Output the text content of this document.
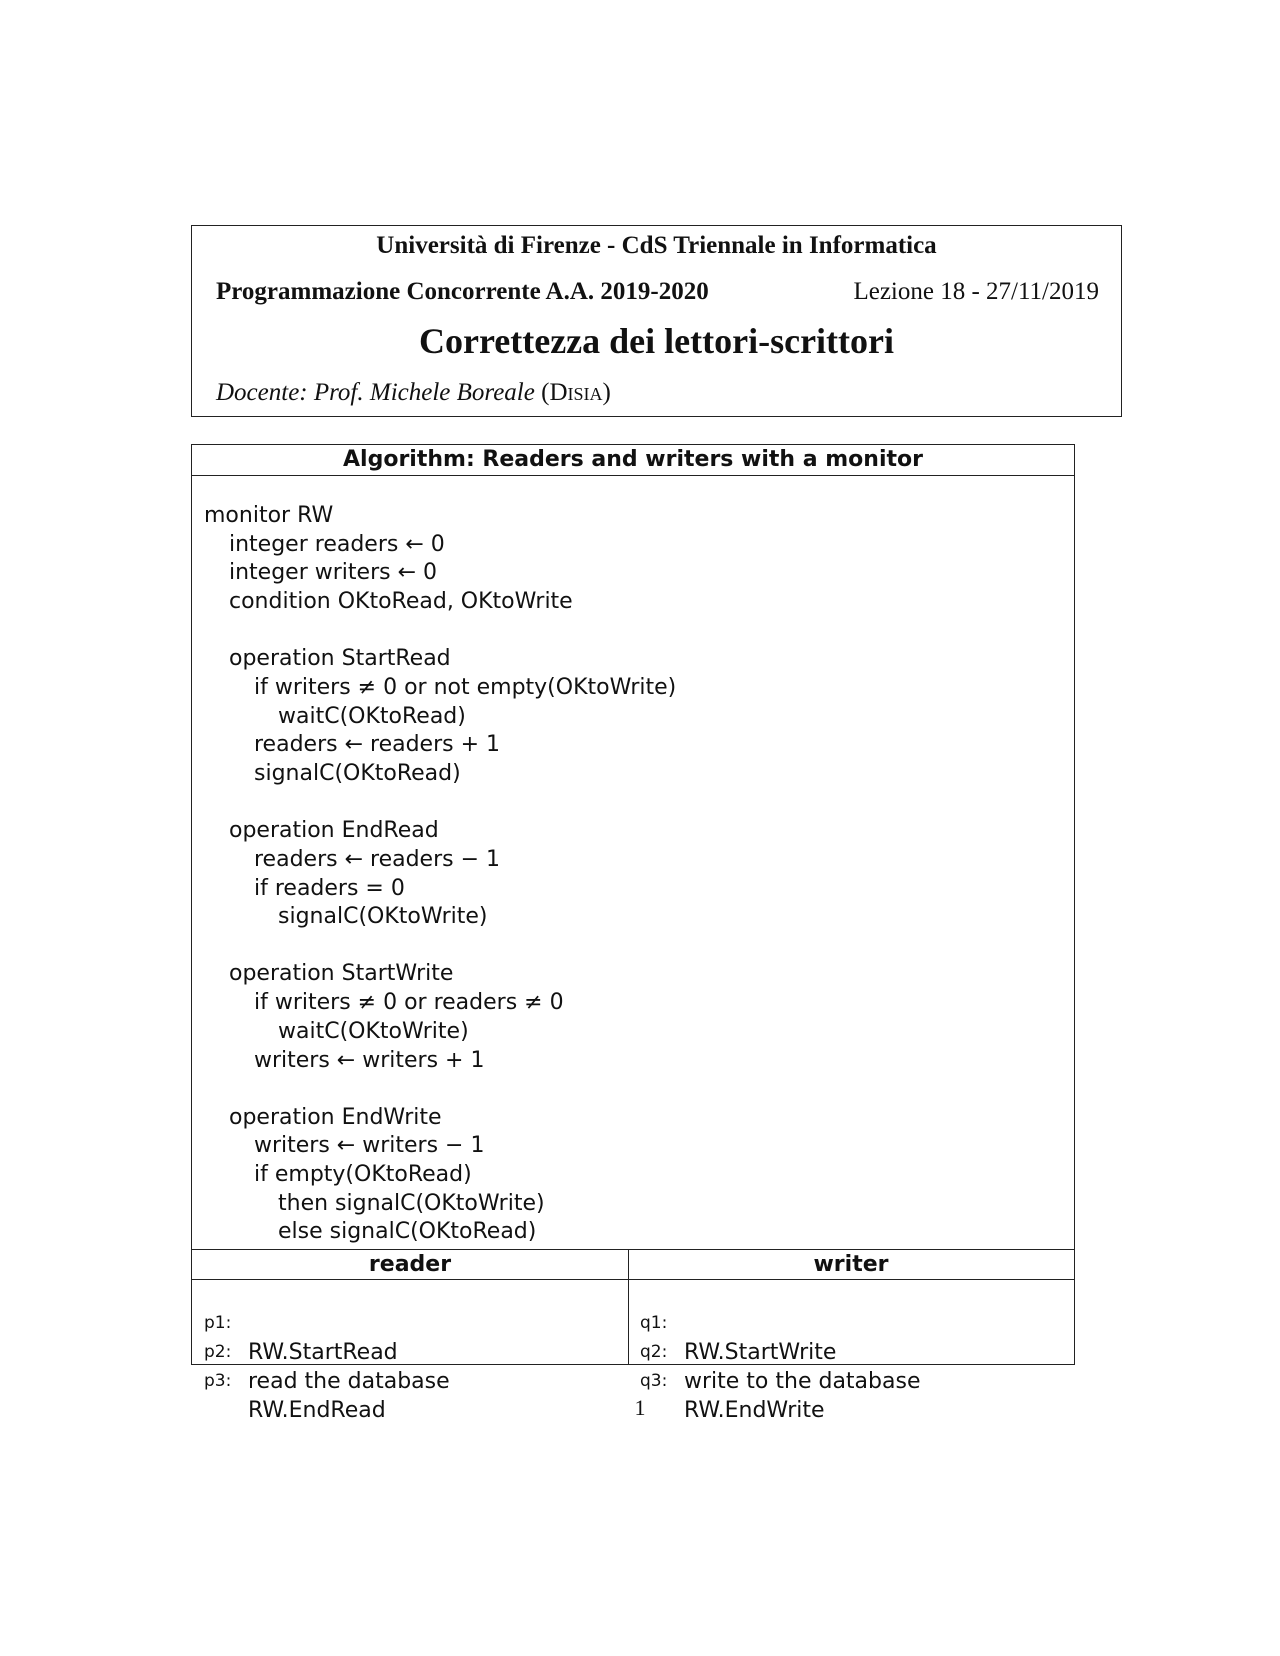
Università di Firenze - CdS Triennale in Informatica
Programmazione Concorrente A.A. 2019-2020	Lezione 18 - 27/11/2019
Correttezza dei lettori-scrittori
Docente: Prof. Michele Boreale (Disia)
Algorithm: Readers and writers with a monitor
monitor RW
integer readers ← 0
integer writers ← 0
condition OKtoRead, OKtoWrite
operation StartRead
if writers ≠ 0 or not empty(OKtoWrite)
waitC(OKtoRead)
readers ← readers + 1
signalC(OKtoRead)
operation EndRead
readers ← readers − 1
if readers = 0
signalC(OKtoWrite)
operation StartWrite
if writers ≠ 0 or readers ≠ 0
waitC(OKtoWrite)
writers ← writers + 1
operation EndWrite
writers ← writers − 1
if empty(OKtoRead)
then signalC(OKtoWrite)
else signalC(OKtoRead)
reader

p1:

RW.StartRead

p2:

read the database

p3:

RW.EndRead

writer

q1:

RW.StartWrite

q2:

write to the database

q3:

RW.EndWrite

1
